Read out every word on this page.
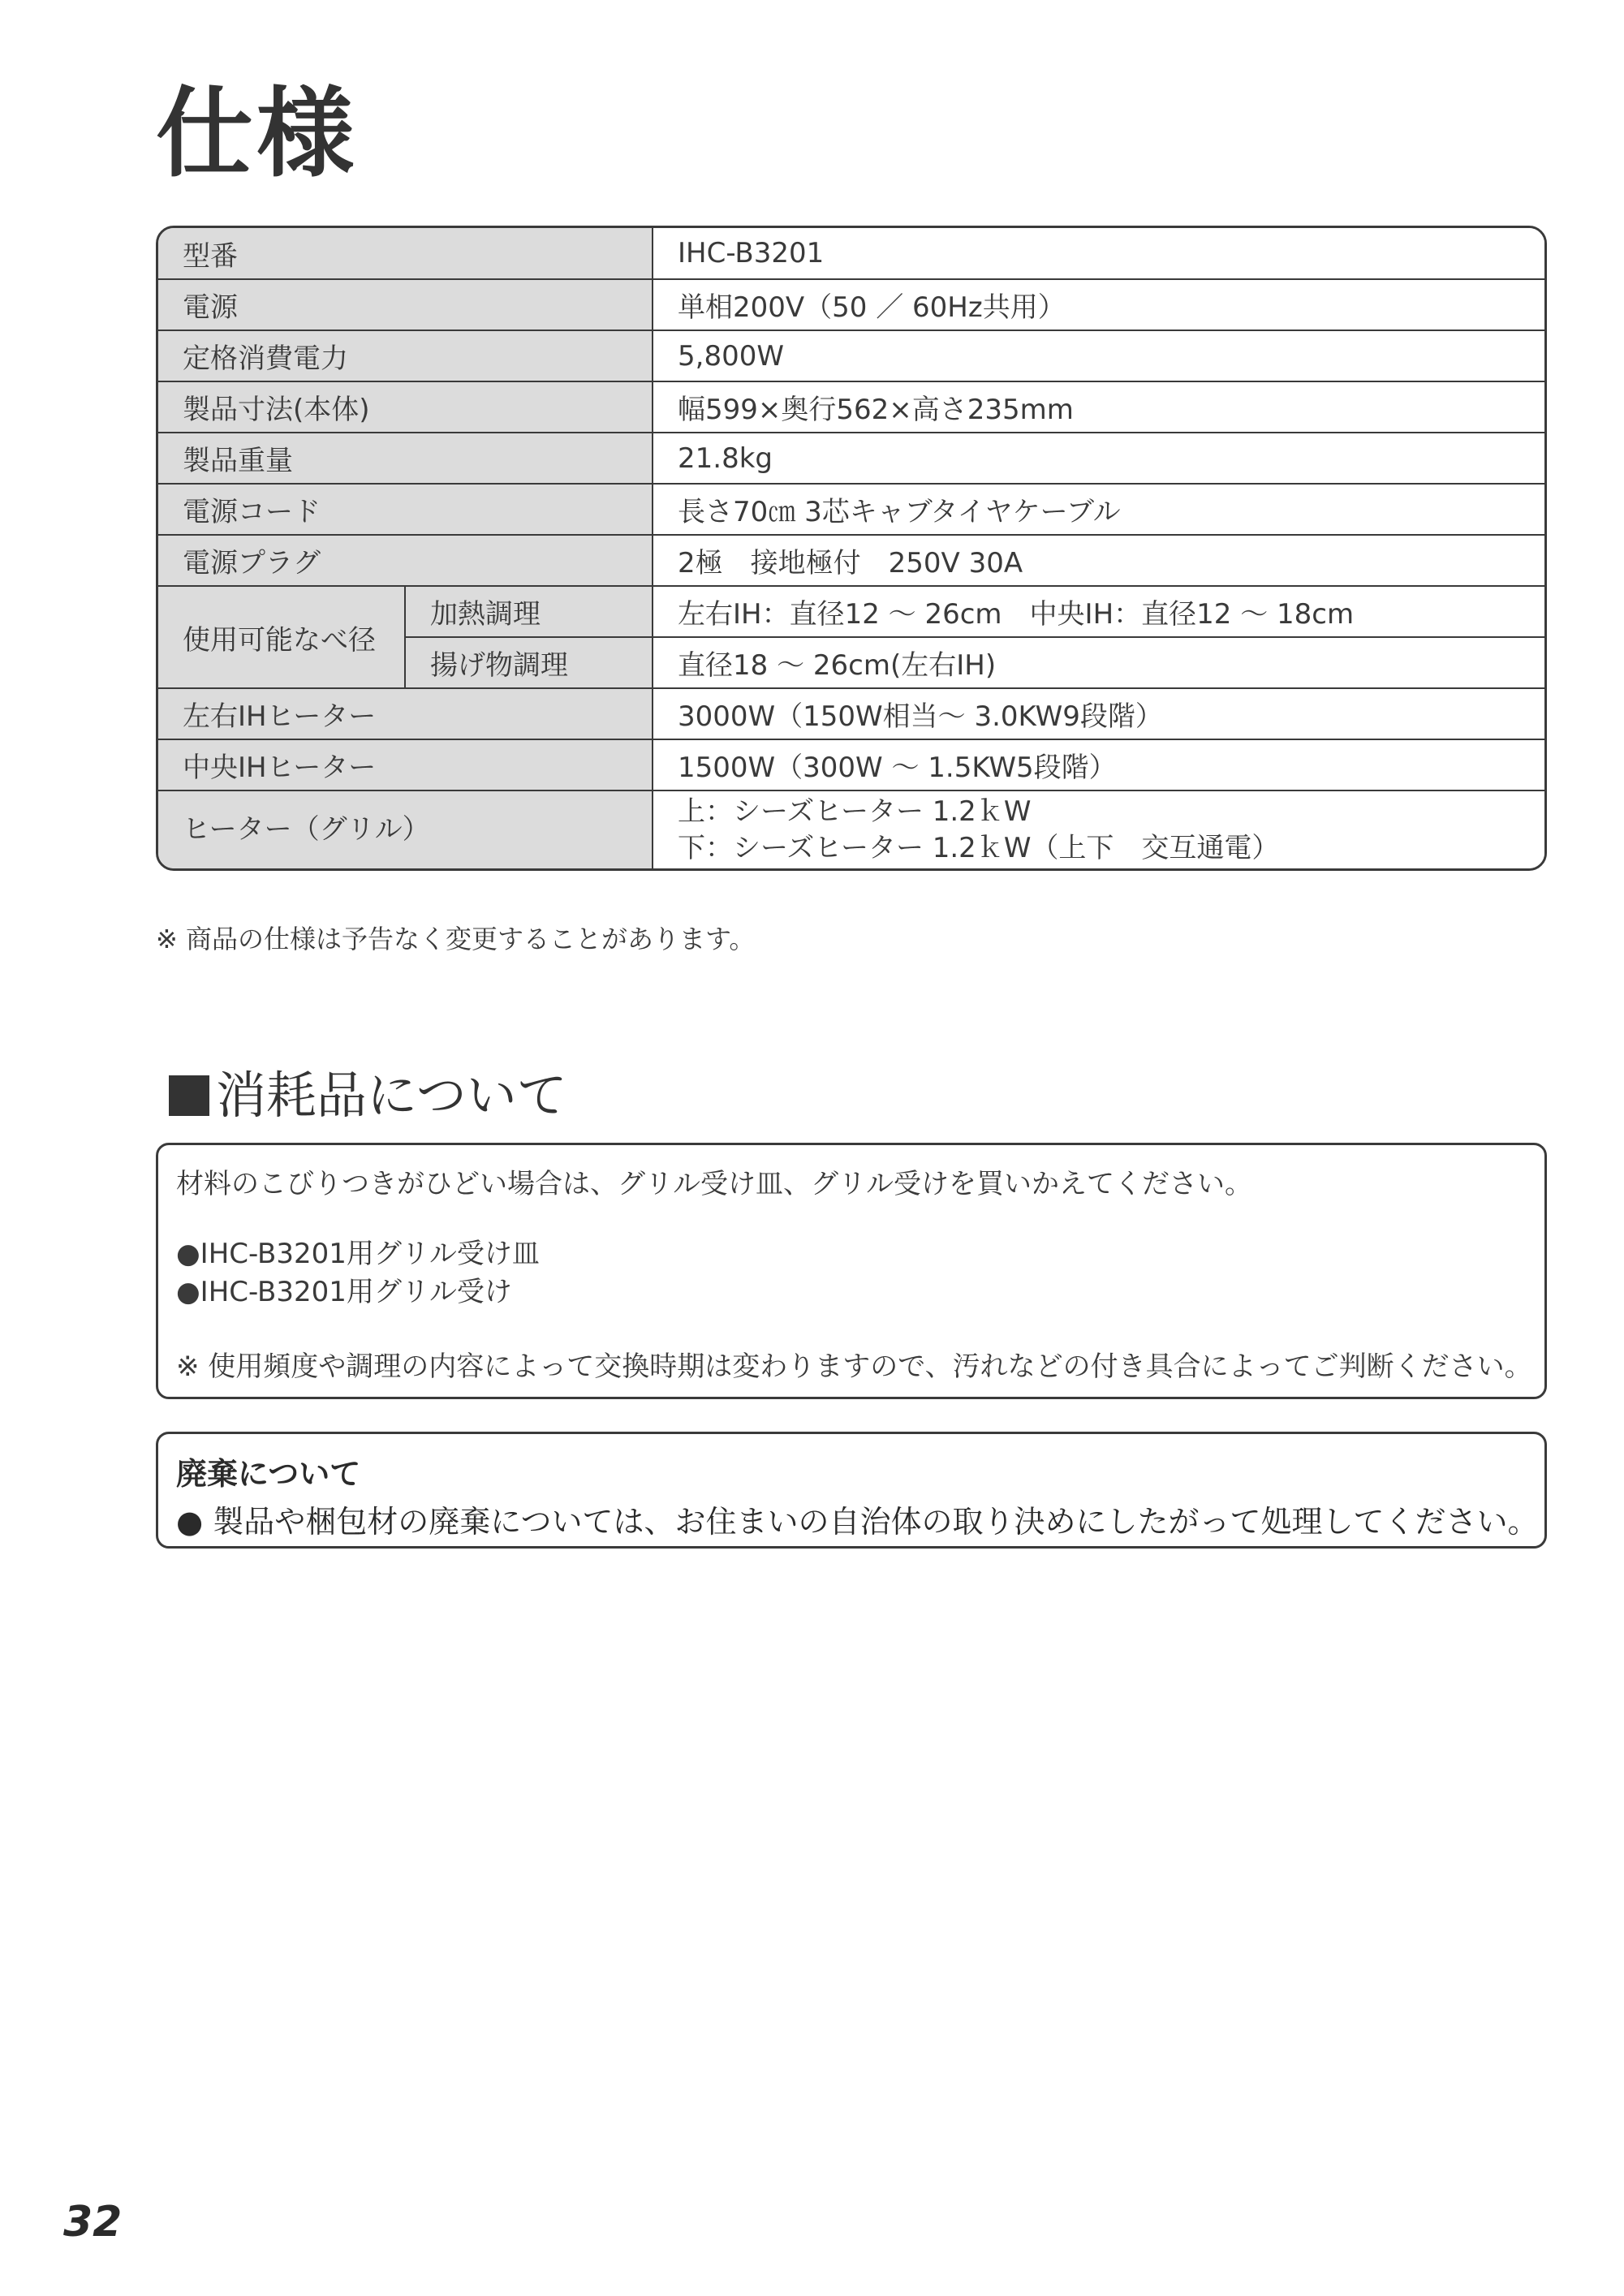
仕様
型番		IHC-B3201
電源		単相200V（50 ／ 60Hz共用）
定格消費電力		5,800W
製品寸法(本体)		幅599×奥行562×高さ235mm
製品重量		21.8kg
電源コード		長さ70㎝ 3芯キャブタイヤケーブル
電源プラグ		2極　接地極付　250V 30A
使用可能なべ径	加熱調理	左右IH：直径12 ～ 26cm　中央IH：直径12 ～ 18cm
	揚げ物調理	直径18 ～ 26cm(左右IH)
左右IHヒーター		3000W（150W相当～ 3.0KW9段階）
中央IHヒーター		1500W（300W ～ 1.5KW5段階）
ヒーター（グリル）		上：シーズヒーター 1.2ｋW
下：シーズヒーター 1.2ｋW（上下　交互通電）

※ 商品の仕様は予告なく変更することがあります。

消耗品について

材料のこびりつきがひどい場合は、グリル受け皿、グリル受けを買いかえてください。

●IHC-B3201用グリル受け皿

●IHC-B3201用グリル受け

※ 使用頻度や調理の内容によって交換時期は変わりますので、汚れなどの付き具合によってご判断ください。

廃棄について

● 製品や梱包材の廃棄については、お住まいの自治体の取り決めにしたがって処理してください。

32
